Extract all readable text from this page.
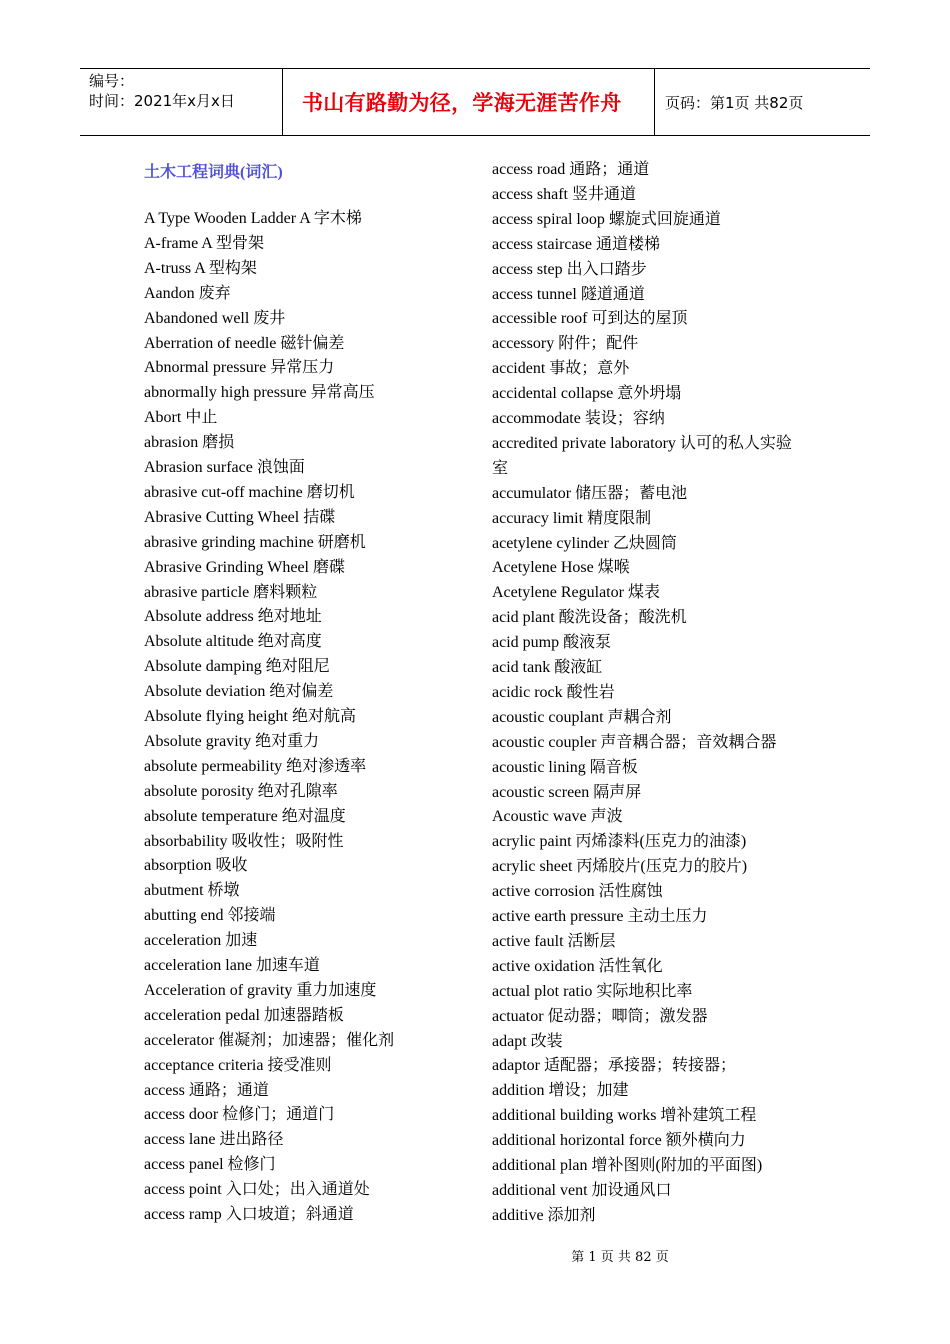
编号：
时间：2021年x月x日	书山有路勤为径，学海无涯苦作舟	页码：第1页 共82页
土木工程词典(词汇)
A Type Wooden Ladder A 字木梯
A-frame A 型骨架
A-truss A 型构架
Aandon 废弃
Abandoned well 废井
Aberration of needle 磁针偏差
Abnormal pressure 异常压力
abnormally high pressure 异常高压
Abort 中止
abrasion 磨损
Abrasion surface 浪蚀面
abrasive cut-off machine 磨切机
Abrasive Cutting Wheel 拮碟
abrasive grinding machine 研磨机
Abrasive Grinding Wheel 磨碟
abrasive particle 磨料颗粒
Absolute address 绝对地址
Absolute altitude 绝对高度
Absolute damping 绝对阻尼
Absolute deviation 绝对偏差
Absolute flying height 绝对航高
Absolute gravity 绝对重力
absolute permeability 绝对渗透率
absolute porosity 绝对孔隙率
absolute temperature 绝对温度
absorbability 吸收性；吸附性
absorption 吸收
abutment 桥墩
abutting end 邻接端
acceleration 加速
acceleration lane 加速车道
Acceleration of gravity 重力加速度
acceleration pedal 加速器踏板
accelerator 催凝剂；加速器；催化剂
acceptance criteria 接受准则
access 通路；通道
access door 检修门；通道门
access lane 进出路径
access panel 检修门
access point 入口处；出入通道处
access ramp 入口坡道；斜通道
access road 通路；通道
access shaft 竖井通道
access spiral loop 螺旋式回旋通道
access staircase 通道楼梯
access step 出入口踏步
access tunnel 隧道通道
accessible roof 可到达的屋顶
accessory 附件；配件
accident 事故；意外
accidental collapse 意外坍塌
accommodate 装设；容纳
accredited private laboratory 认可的私人实验
室
accumulator 储压器；蓄电池
accuracy limit 精度限制
acetylene cylinder 乙炔圆筒
Acetylene Hose 煤喉
Acetylene Regulator 煤表
acid plant 酸洗设备；酸洗机
acid pump 酸液泵
acid tank 酸液缸
acidic rock 酸性岩
acoustic couplant 声耦合剂
acoustic coupler 声音耦合器；音效耦合器
acoustic lining 隔音板
acoustic screen 隔声屏
Acoustic wave 声波
acrylic paint 丙烯漆料(压克力的油漆)
acrylic sheet 丙烯胶片(压克力的胶片)
active corrosion 活性腐蚀
active earth pressure 主动土压力
active fault 活断层
active oxidation 活性氧化
actual plot ratio 实际地积比率
actuator 促动器；唧筒；激发器
adapt 改装
adaptor 适配器；承接器；转接器；
addition 增设；加建
additional building works 增补建筑工程
additional horizontal force 额外横向力
additional plan 增补图则(附加的平面图)
additional vent 加设通风口
additive 添加剂
第 1 页 共 82 页
